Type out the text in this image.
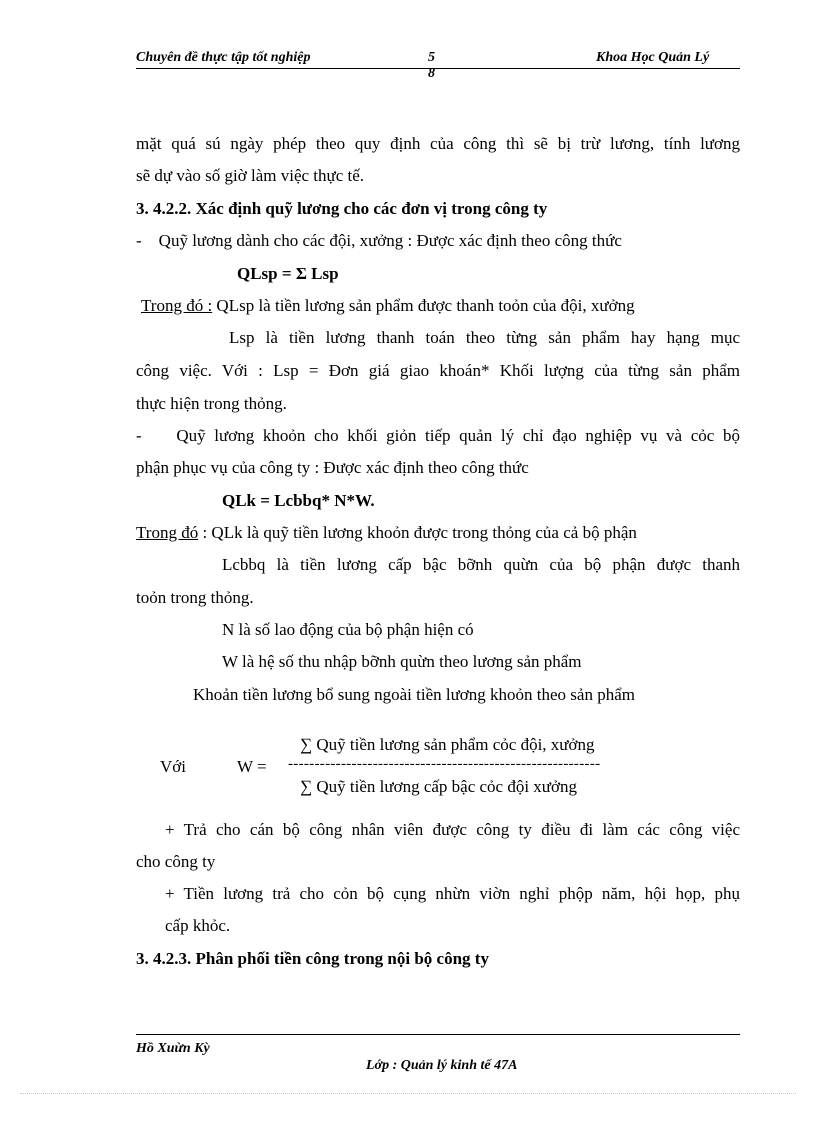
Chuyên đề thực tập tốt nghiệp	5
8
Khoa Học Quản Lý
mặt quá sú ngày phép theo quy định của công thì sẽ bị trừ lương, tính lương
sẽ dự vào số giờ làm việc thực tế.
3. 4.2.2. Xác định quỹ lương cho các đơn vị trong công ty
-    Quỹ lương dành cho các đội, xưởng : Được xác định theo công thức
QLsp = Σ Lsp
Trong đó : QLsp là tiền lương sản phẩm được thanh toỏn của đội, xưởng
Lsp là tiền lương thanh toán theo từng sản phẩm hay hạng mục
công việc. Với : Lsp = Đơn giá giao khoán* Khối lượng của từng sản phẩm
thực hiện trong thỏng.
-    Quỹ lương khoỏn cho khối giỏn tiếp quản lý chỉ đạo nghiệp vụ và cỏc bộ
phận phục vụ của công ty : Được xác định theo công thức
QLk = Lcbbq* N*W.
Trong đó : QLk là quỹ tiền lương khoỏn được trong thỏng của cả bộ phận
Lcbbq là tiền lương cấp bậc bỡnh quừn của bộ phận được thanh
toỏn trong thỏng.
N là số lao động của bộ phận hiện có
W là hệ số thu nhập bỡnh quừn theo lương sản phẩm
Khoản tiền lương bổ sung ngoài tiền lương khoỏn theo sản phẩm
∑ Quỹ tiền lương sản phẩm cỏc đội, xưởng
Với	W = -----------------------------------------------------------
∑ Quỹ tiền lương cấp bậc cỏc đội xưởng
+ Trả cho cán bộ công nhân viên được công ty điều đi làm các công việc
cho công ty
+ Tiền lương trả cho cỏn bộ cụng nhừn viờn nghỉ phộp năm, hội họp, phụ
cấp khỏc.
3. 4.2.3. Phân phối tiền công trong nội bộ công ty
Hồ Xuừn Kỳ
Lớp : Quản lý kinh tế 47A
